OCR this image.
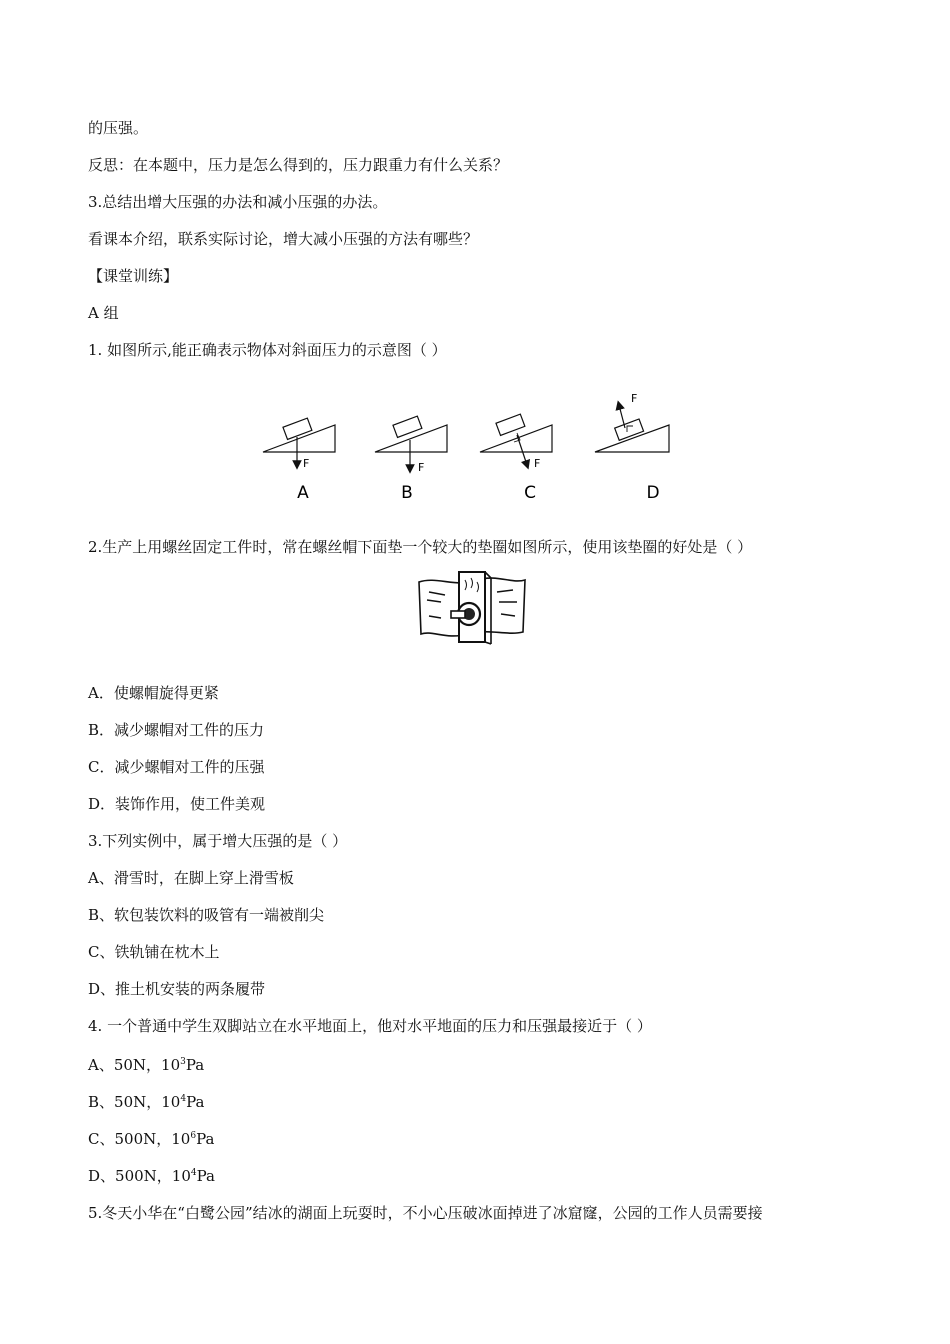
的压强。
反思：在本题中，压力是怎么得到的，压力跟重力有什么关系？
3.总结出增大压强的办法和减小压强的办法。
看课本介绍，联系实际讨论，增大减小压强的方法有哪些？
【课堂训练】
A 组
1. 如图所示,能正确表示物体对斜面压力的示意图（ ）
F
A
F
B
F
C
F
D
2.生产上用螺丝固定工件时，常在螺丝帽下面垫一个较大的垫圈如图所示，使用该垫圈的好处是（ ）
A．使螺帽旋得更紧
B．减少螺帽对工件的压力
C．减少螺帽对工件的压强
D．装饰作用，使工件美观
3.下列实例中，属于增大压强的是（ ）
A、滑雪时，在脚上穿上滑雪板
B、软包装饮料的吸管有一端被削尖
C、铁轨铺在枕木上
D、推土机安装的两条履带
4. 一个普通中学生双脚站立在水平地面上，他对水平地面的压力和压强最接近于（ ）
A、50N，$10^3Pa$
B、50N，$10^4Pa$
C、500N，$10^6Pa$
D、500N，$10^4Pa$
5.冬天小华在“白鹭公园”结冰的湖面上玩耍时，不小心压破冰面掉进了冰窟窿，公园的工作人员需要接
